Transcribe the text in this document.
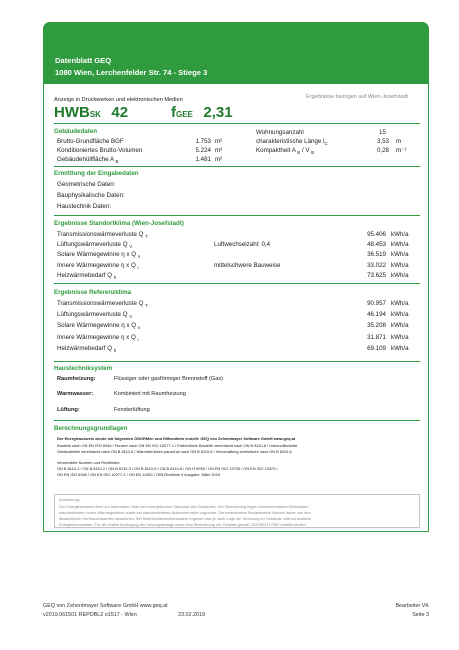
Datenblatt GEQ
1080 Wien, Lerchenfelder Str. 74 - Stiege 3
Anzeige in Druckwerken und elektronischen Medien	Ergebnisse bezogen auf Wien-Josefstadt
HWBSK 42	fGEE 2,31
Gebäudedaten
Brutto-Grundfläche BGF	1.753 m²
Konditioniertes Brutto-Volumen	5.224 m³
Gebäudehüllfläche A $_B$	1.481 m²
Wohnungsanzahl	15
charakteristische Länge $l_C$	3,53 m
Kompaktheit A $_B$ / V $_B$	0,28 m⁻¹
Ermittlung der Eingabedaten
Geometrische Daten:
Bauphysikalische Daten:
Haustechnik Daten:
Ergebnisse Standortklima (Wien-Josefstadt)
Transmissionswärmeverluste Q $_T$	95.406 kWh/a
Lüftungswärmeverluste Q $_V$	Luftwechselzahl: 0,4	48.453 kWh/a
Solare Wärmegewinne η x Q $_s$	36.519 kWh/a
Innere Wärmegewinne η x Q $_i$	mittelschwere Bauweise	33.022 kWh/a
Heizwärmebedarf Q $_h$	73.625 kWh/a
Ergebnisse Referenzklima
Transmissionswärmeverluste Q $_T$	90.957 kWh/a
Lüftungswärmeverluste Q $_V$	46.194 kWh/a
Solare Wärmegewinne η x Q $_s$	35.208 kWh/a
Innere Wärmegewinne η x Q $_i$	31.871 kWh/a
Heizwärmebedarf Q $_h$	69.109 kWh/a
Haustechniksystem
Raumheizung:	Flüssiger oder gasförmiger Brennstoff (Gas)
Warmwasser:	Kombiniert mit Raumheizung
Lüftung:	Fensterlüftung
Berechnungsgrundlagen
Der Energieausweis wurde mit folgenden ÖNORMen und Hilfsmitteln erstellt: GEQ von Zehentmayer Software GmbH www.geq.at
Bauteile nach ON EN ISO 6946 / Fenster nach ON EN ISO 10077-1 / Erdberührte Bauteile vereinfacht nach ON B 8110-6 / Unkonditionierte
Gebäudeteile vereinfacht nach ON B 8110-6 / Wärmebrücken pauschal nach ON B 8110-6 / Verschattung vereinfacht nach ON B 8110-6
Verwendete Normen und Richtlinien:
ON B 8110-1 / ON B 8110-2 / ON B 8110-3 / ON B 8110-5 / ON B 8110-6 / ON H 5055 / ON EN ISO 13790 / ON EN ISO 13370 /
ON EN ISO 6946 / ON EN ISO 10077-1 / ON EN 12831 / OIB-Richtlinie 6 Ausgabe: März 2015
Anmerkung:
Der Energieausweis dient zur Information über den energetischen Standard des Gebäudes. Der Berechnung liegen durchschnittliche Klimadaten,
standardisierte innere Wärmegewinne sowie ein standardisiertes Nutzerverhalten zugrunde. Die berechneten Bedarfswerte können daher von den
tatsächlichen Verbrauchswerten abweichen. Bei Mehrfamilienwohnhäusern ergeben sich je nach Lage der Wohnung im Gebäude unterschiedliche
Energiekennzahlen. Für die exakte Auslegung der Heizungsanlage muss eine Berechnung der Heizlast gemäß ÖNORM H 7500 erstellt werden.
GEQ von Zehentmayer Software GmbH www.geq.at	Bearbeiter VK
v2019,061501 REPDBL2 o1517 - Wien	23.02.2019	Seite 3
